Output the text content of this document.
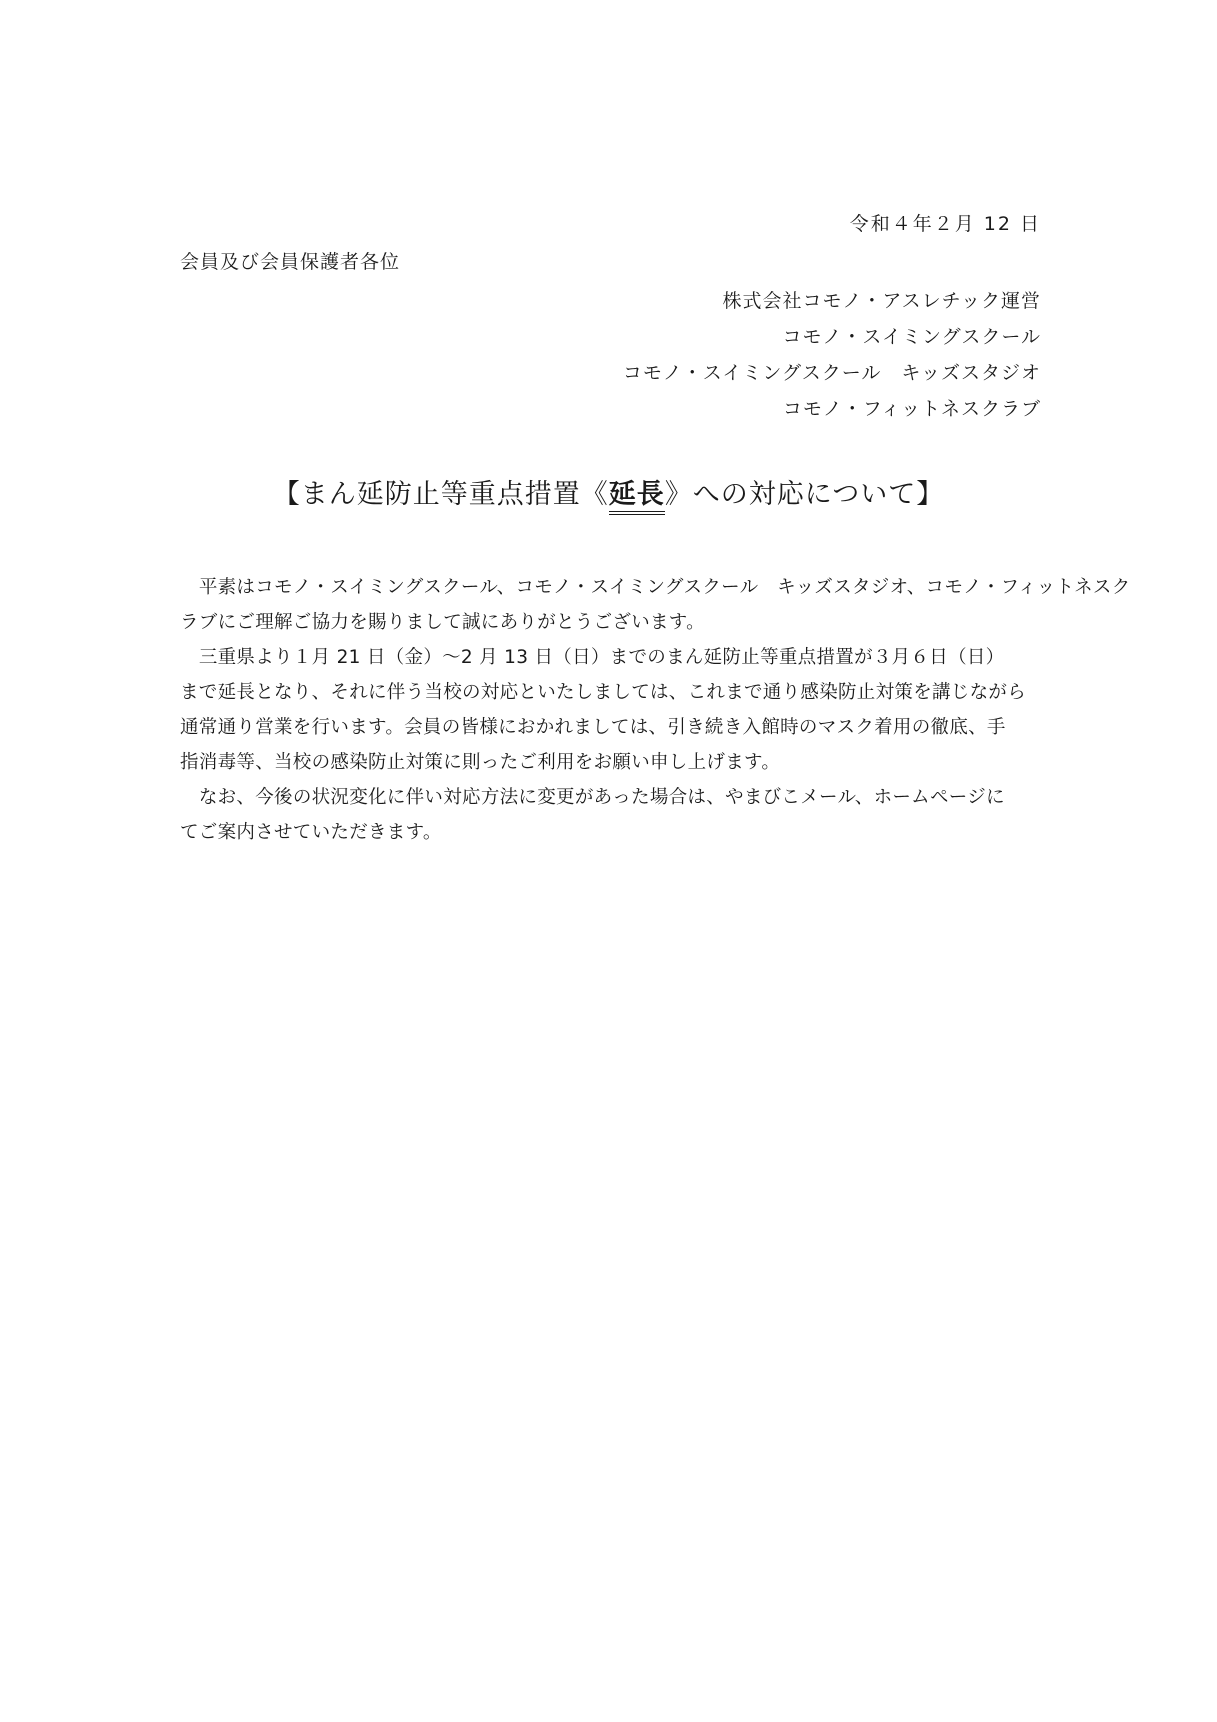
令和４年２月 12 日
会員及び会員保護者各位
株式会社コモノ・アスレチック運営
コモノ・スイミングスクール
コモノ・スイミングスクール　キッズスタジオ
コモノ・フィットネスクラブ
【まん延防止等重点措置《延長》への対応について】
　平素はコモノ・スイミングスクール、コモノ・スイミングスクール　キッズスタジオ、コモノ・フィットネスク
ラブにご理解ご協力を賜りまして誠にありがとうございます。
　三重県より１月 21 日（金）～2 月 13 日（日）までのまん延防止等重点措置が３月６日（日）
まで延長となり、それに伴う当校の対応といたしましては、これまで通り感染防止対策を講じながら
通常通り営業を行います。会員の皆様におかれましては、引き続き入館時のマスク着用の徹底、手
指消毒等、当校の感染防止対策に則ったご利用をお願い申し上げます。
　なお、今後の状況変化に伴い対応方法に変更があった場合は、やまびこメール、ホームページに
てご案内させていただきます。
